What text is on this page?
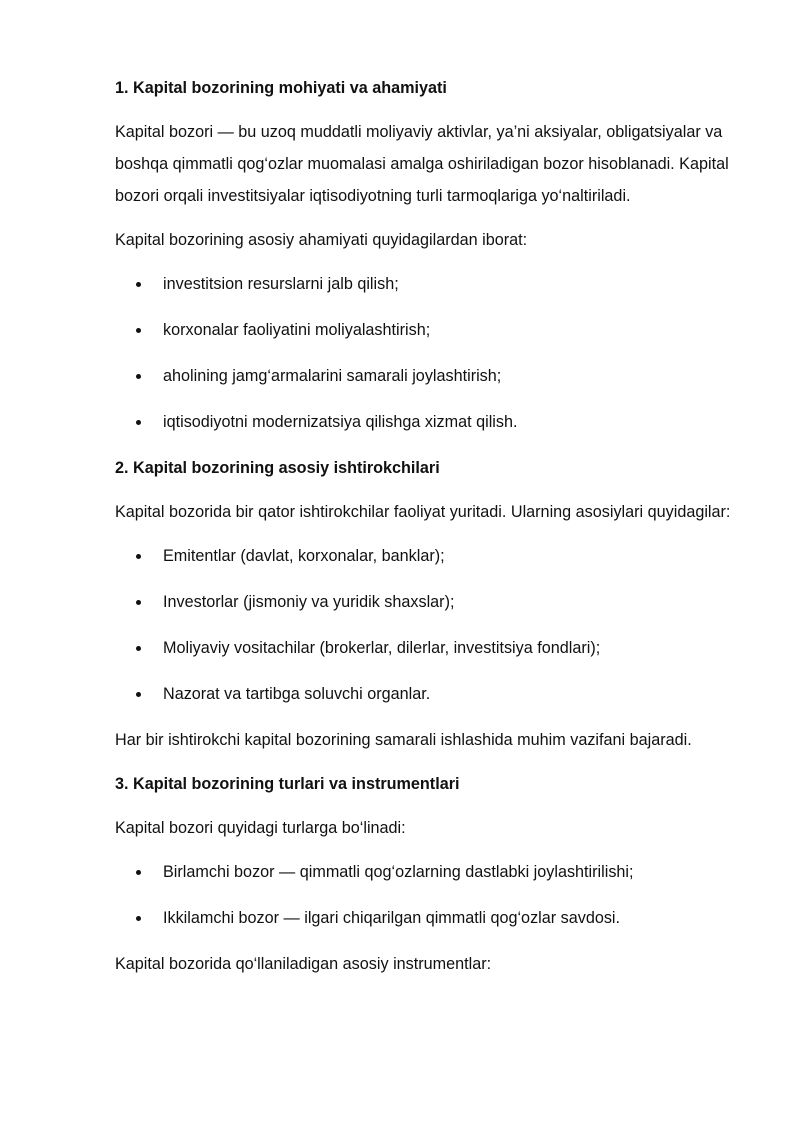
1. Kapital bozorining mohiyati va ahamiyati
Kapital bozori — bu uzoq muddatli moliyaviy aktivlar, ya’ni aksiyalar, obligatsiyalar va boshqa qimmatli qog‘ozlar muomalasi amalga oshiriladigan bozor hisoblanadi. Kapital bozori orqali investitsiyalar iqtisodiyotning turli tarmoqlariga yo‘naltiriladi.
Kapital bozorining asosiy ahamiyati quyidagilardan iborat:
investitsion resurslarni jalb qilish;
korxonalar faoliyatini moliyalashtirish;
aholining jamg‘armalarini samarali joylashtirish;
iqtisodiyotni modernizatsiya qilishga xizmat qilish.
2. Kapital bozorining asosiy ishtirokchilari
Kapital bozorida bir qator ishtirokchilar faoliyat yuritadi. Ularning asosiylari quyidagilar:
Emitentlar (davlat, korxonalar, banklar);
Investorlar (jismoniy va yuridik shaxslar);
Moliyaviy vositachilar (brokerlar, dilerlar, investitsiya fondlari);
Nazorat va tartibga soluvchi organlar.
Har bir ishtirokchi kapital bozorining samarali ishlashida muhim vazifani bajaradi.
3. Kapital bozorining turlari va instrumentlari
Kapital bozori quyidagi turlarga bo‘linadi:
Birlamchi bozor — qimmatli qog‘ozlarning dastlabki joylashtirilishi;
Ikkilamchi bozor — ilgari chiqarilgan qimmatli qog‘ozlar savdosi.
Kapital bozorida qo‘llaniladigan asosiy instrumentlar:
